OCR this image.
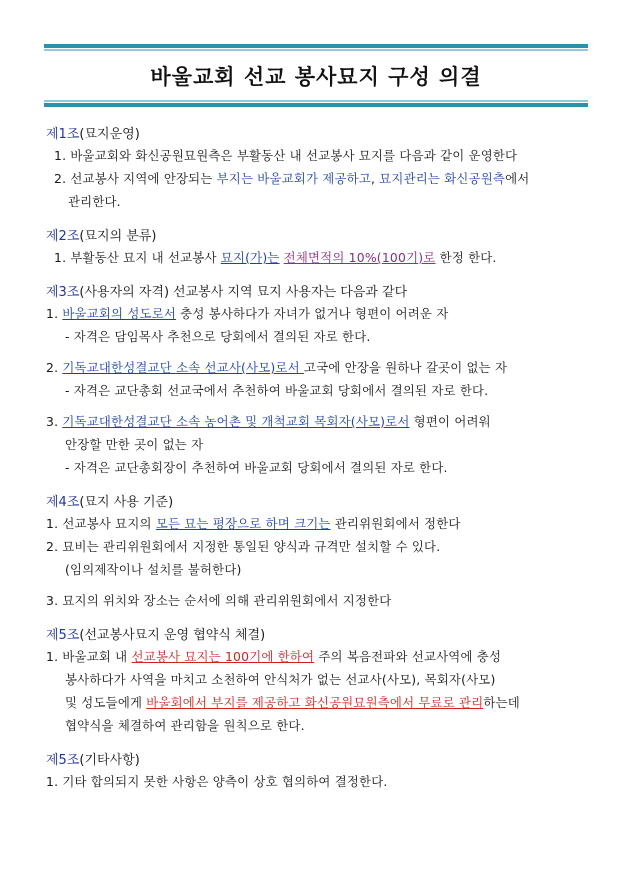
바울교회 선교 봉사묘지 구성 의결
제1조(묘지운영)
1. 바울교회와 화신공원묘원측은 부활동산 내 선교봉사 묘지를 다음과 같이 운영한다
2. 선교봉사 지역에 안장되는 부지는 바울교회가 제공하고, 묘지관리는 화신공원측에서
관리한다.
제2조(묘지의 분류)
1. 부활동산 묘지 내 선교봉사 묘지(가)는 전체면적의 10%(100기)로 한정 한다.
제3조(사용자의 자격) 선교봉사 지역 묘지 사용자는 다음과 같다
1. 바울교회의 성도로서 충성 봉사하다가 자녀가 없거나 형편이 어려운 자
- 자격은 담임목사 추천으로 당회에서 결의된 자로 한다.
2. 기독교대한성결교단 소속 선교사(사모)로서 고국에 안장을 원하나 갈곳이 없는 자
- 자격은 교단총회 선교국에서 추천하여 바울교회 당회에서 결의된 자로 한다.
3. 기독교대한성결교단 소속 농어촌 및 개척교회 목회자(사모)로서 형편이 어려워
안장할 만한 곳이 없는 자
- 자격은 교단총회장이 추천하여 바울교회 당회에서 결의된 자로 한다.
제4조(묘지 사용 기준)
1. 선교봉사 묘지의 모든 묘는 평장으로 하며 크기는 관리위원회에서 정한다
2. 묘비는 관리위원회에서 지정한 통일된 양식과 규격만 설치할 수 있다.
(임의제작이나 설치를 불허한다)
3. 묘지의 위치와 장소는 순서에 의해 관리위원회에서 지정한다
제5조(선교봉사묘지 운영 협약식 체결)
1. 바울교회 내 선교봉사 묘지는 100기에 한하여 주의 복음전파와 선교사역에 충성
봉사하다가 사역을 마치고 소천하여 안식처가 없는 선교사(사모), 목회자(사모)
및 성도들에게 바울회에서 부지를 제공하고 화신공원묘원측에서 무료로 관리하는데
협약식을 체결하여 관리함을 원칙으로 한다.
제5조(기타사항)
1. 기타 합의되지 못한 사항은 양측이 상호 협의하여 결정한다.
